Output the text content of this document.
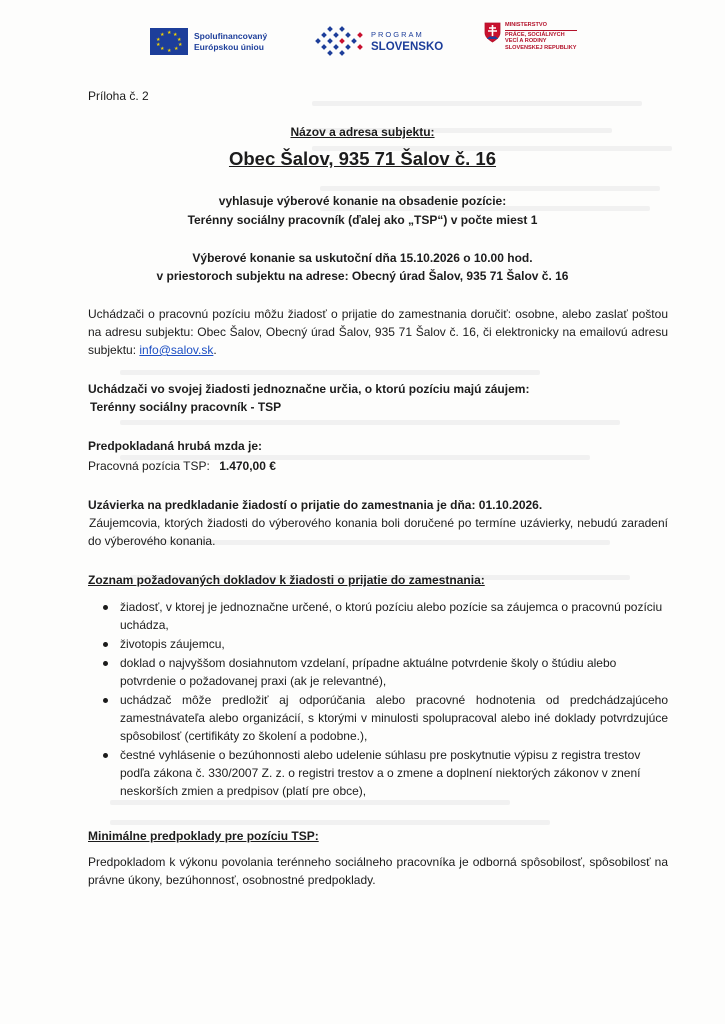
★ ★
★
★
★
★
★
★
★
★	Spolufinancovaný
Európskou úniou
PROGRAM
SLOVENSKO
MINISTERSTVO
PRÁCE, SOCIÁLNYCH
VECÍ A RODINY
SLOVENSKEJ REPUBLIKY
Príloha č. 2
Názov a adresa subjektu:
Obec Šalov, 935 71 Šalov č. 16
vyhlasuje výberové konanie na obsadenie pozície:
Terénny sociálny pracovník (ďalej ako „TSP“) v počte miest 1
Výberové konanie sa uskutoční dňa 15.10.2026 o 10.00 hod.
v priestoroch subjektu na adrese: Obecný úrad Šalov, 935 71 Šalov č. 16
Uchádzači o pracovnú pozíciu môžu žiadosť o prijatie do zamestnania doručiť: osobne, alebo zaslať poštou na adresu subjektu: Obec Šalov, Obecný úrad Šalov, 935 71 Šalov č. 16, či elektronicky na emailovú adresu subjektu: info@salov.sk.
Uchádzači vo svojej žiadosti jednoznačne určia, o ktorú pozíciu majú záujem:
Terénny sociálny pracovník - TSP
Predpokladaná hrubá mzda je:
Pracovná pozícia TSP: 1.470,00 €
Uzávierka na predkladanie žiadostí o prijatie do zamestnania je dňa: 01.10.2026.
Záujemcovia, ktorých žiadosti do výberového konania boli doručené po termíne uzávierky, nebudú zaradení do výberového konania.
Zoznam požadovaných dokladov k žiadosti o prijatie do zamestnania:
žiadosť, v ktorej je jednoznačne určené, o ktorú pozíciu alebo pozície sa záujemca o pracovnú pozíciu uchádza,
životopis záujemcu,
doklad o najvyššom dosiahnutom vzdelaní, prípadne aktuálne potvrdenie školy o štúdiu alebo potvrdenie o požadovanej praxi (ak je relevantné),
uchádzač môže predložiť aj odporúčania alebo pracovné hodnotenia od predchádzajúceho zamestnávateľa alebo organizácií, s ktorými v minulosti spolupracoval alebo iné doklady potvrdzujúce spôsobilosť (certifikáty zo školení a podobne.),
čestné vyhlásenie o bezúhonnosti alebo udelenie súhlasu pre poskytnutie výpisu z registra trestov podľa zákona č. 330/2007 Z. z. o registri trestov a o zmene a doplnení niektorých zákonov v znení neskorších zmien a predpisov (platí pre obce),
Minimálne predpoklady pre pozíciu TSP:
Predpokladom k výkonu povolania terénneho sociálneho pracovníka je odborná spôsobilosť, spôsobilosť na právne úkony, bezúhonnosť, osobnostné predpoklady.
